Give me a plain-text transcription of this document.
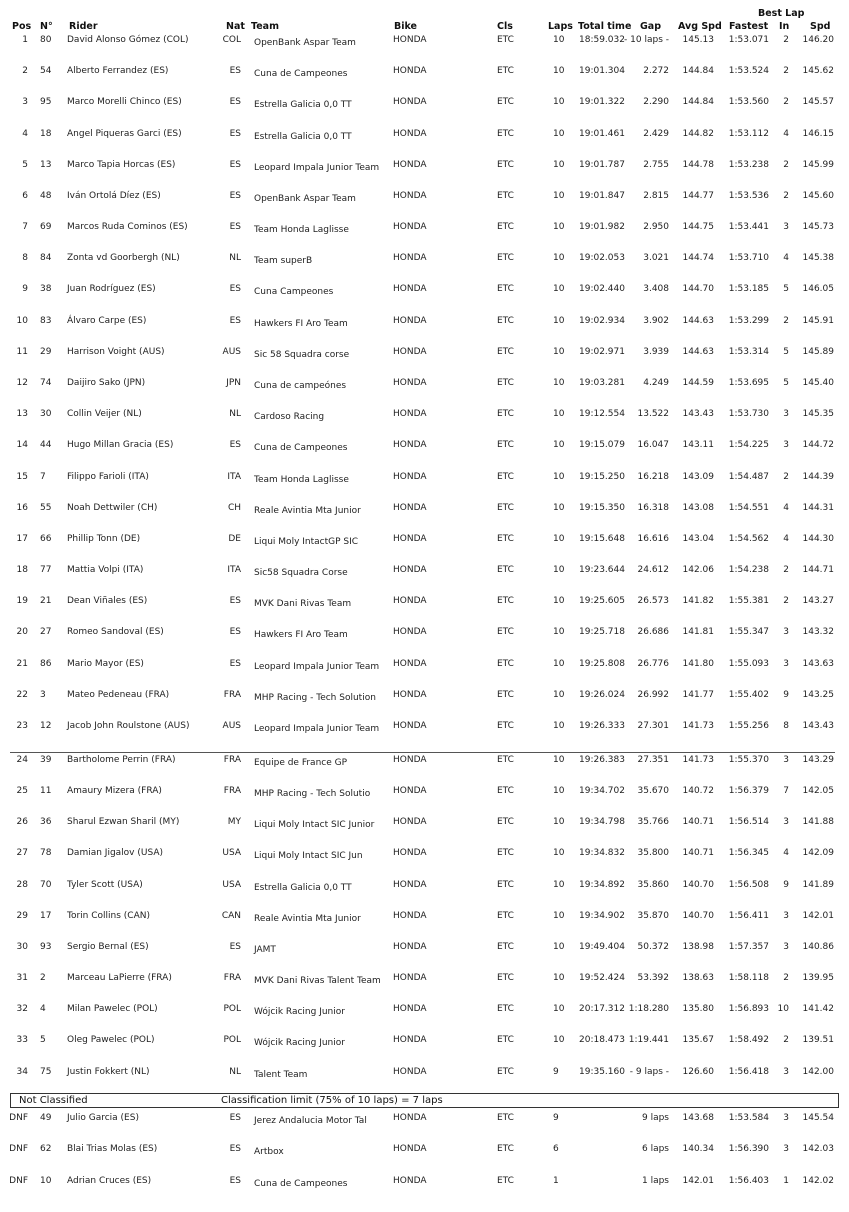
Best Lap
Pos N° Rider	Nat Team	Bike	Cls	Laps Total time Gap Avg Spd Fastest In Spd
1 80 David Alonso Gómez (COL)	COL OpenBank Aspar Team	HONDA	ETC	10 18:59.032 - 10 laps - 145.13 1:53.071 2 146.20
2 54 Alberto Ferrandez (ES)	ES Cuna de Campeones	HONDA	ETC	10 19:01.304 2.272 144.84 1:53.524 2 145.62
3 95 Marco Morelli Chinco (ES)	ES Estrella Galicia 0,0 TT	HONDA	ETC	10 19:01.322 2.290 144.84 1:53.560 2 145.57
4 18 Angel Piqueras Garci (ES)	ES Estrella Galicia 0,0 TT	HONDA	ETC	10 19:01.461 2.429 144.82 1:53.112 4 146.15
5 13 Marco Tapia Horcas (ES)	ES Leopard Impala Junior Team HONDA	ETC	10 19:01.787 2.755 144.78 1:53.238 2 145.99
6 48 Iván Ortolá Díez (ES)	ES OpenBank Aspar Team	HONDA	ETC	10 19:01.847 2.815 144.77 1:53.536 2 145.60
7 69 Marcos Ruda Cominos (ES)	ES Team Honda Laglisse	HONDA	ETC	10 19:01.982 2.950 144.75 1:53.441 3 145.73
8 84 Zonta vd Goorbergh (NL)	NL Team superB	HONDA	ETC	10 19:02.053 3.021 144.74 1:53.710 4 145.38
9 38 Juan Rodríguez (ES)	ES Cuna Campeones	HONDA	ETC	10 19:02.440 3.408 144.70 1:53.185 5 146.05
10 83 Álvaro Carpe (ES)	ES Hawkers FI Aro Team	HONDA	ETC	10 19:02.934 3.902 144.63 1:53.299 2 145.91
11 29 Harrison Voight (AUS)	AUS Sic 58 Squadra corse	HONDA	ETC	10 19:02.971 3.939 144.63 1:53.314 5 145.89
12 74 Daijiro Sako (JPN)	JPN Cuna de campeónes	HONDA	ETC	10 19:03.281 4.249 144.59 1:53.695 5 145.40
13 30 Collin Veijer (NL)	NL Cardoso Racing	HONDA	ETC	10 19:12.554 13.522 143.43 1:53.730 3 145.35
14 44 Hugo Millan Gracia (ES)	ES Cuna de Campeones	HONDA	ETC	10 19:15.079 16.047 143.11 1:54.225 3 144.72
15 7 Filippo Farioli (ITA)	ITA Team Honda Laglisse	HONDA	ETC	10 19:15.250 16.218 143.09 1:54.487 2 144.39
16 55 Noah Dettwiler (CH)	CH Reale Avintia Mta Junior	HONDA	ETC	10 19:15.350 16.318 143.08 1:54.551 4 144.31
17 66 Phillip Tonn (DE)	DE Liqui Moly IntactGP SIC	HONDA	ETC	10 19:15.648 16.616 143.04 1:54.562 4 144.30
18 77 Mattia Volpi (ITA)	ITA Sic58 Squadra Corse	HONDA	ETC	10 19:23.644 24.612 142.06 1:54.238 2 144.71
19 21 Dean Viñales (ES)	ES MVK Dani Rivas Team	HONDA	ETC	10 19:25.605 26.573 141.82 1:55.381 2 143.27
20 27 Romeo Sandoval (ES)	ES Hawkers FI Aro Team	HONDA	ETC	10 19:25.718 26.686 141.81 1:55.347 3 143.32
21 86 Mario Mayor (ES)	ES Leopard Impala Junior Team HONDA	ETC	10 19:25.808 26.776 141.80 1:55.093 3 143.63
22 3 Mateo Pedeneau (FRA)	FRA MHP Racing - Tech Solution HONDA	ETC	10 19:26.024 26.992 141.77 1:55.402 9 143.25
23 12 Jacob John Roulstone (AUS)	AUS Leopard Impala Junior Team HONDA	ETC	10 19:26.333 27.301 141.73 1:55.256 8 143.43
24 39 Bartholome Perrin (FRA)	FRA Equipe de France GP	HONDA	ETC	10 19:26.383 27.351 141.73 1:55.370 3 143.29
25 11 Amaury Mizera (FRA)	FRA MHP Racing - Tech Solutio	HONDA	ETC	10 19:34.702 35.670 140.72 1:56.379 7 142.05
26 36 Sharul Ezwan Sharil (MY)	MY Liqui Moly Intact SIC Junior HONDA	ETC	10 19:34.798 35.766 140.71 1:56.514 3 141.88
27 78 Damian Jigalov (USA)	USA Liqui Moly Intact SIC Jun	HONDA	ETC	10 19:34.832 35.800 140.71 1:56.345 4 142.09
28 70 Tyler Scott (USA)	USA Estrella Galicia 0,0 TT	HONDA	ETC	10 19:34.892 35.860 140.70 1:56.508 9 141.89
29 17 Torin Collins (CAN)	CAN Reale Avintia Mta Junior	HONDA	ETC	10 19:34.902 35.870 140.70 1:56.411 3 142.01
30 93 Sergio Bernal (ES)	ES JAMT	HONDA	ETC	10 19:49.404 50.372 138.98 1:57.357 3 140.86
31 2 Marceau LaPierre (FRA)	FRA MVK Dani Rivas Talent Team HONDA	ETC	10 19:52.424 53.392 138.63 1:58.118 2 139.95
32 4 Milan Pawelec (POL)	POL Wójcik Racing Junior	HONDA	ETC	10 20:17.312 1:18.280 135.80 1:56.893 10 141.42
33 5 Oleg Pawelec (POL)	POL Wójcik Racing Junior	HONDA	ETC	10 20:18.473 1:19.441 135.67 1:58.492 2 139.51
34 75 Justin Fokkert (NL)	NL Talent Team	HONDA	ETC	9 19:35.160 - 9 laps - 126.60 1:56.418 3 142.00
Not Classified	Classification limit (75% of 10 laps) = 7 laps
DNF 49 Julio Garcia (ES)	ES Jerez Andalucia Motor Tal	HONDA	ETC	9	9 laps 143.68 1:53.584 3 145.54
DNF 62 Blai Trias Molas (ES)	ES Artbox	HONDA	ETC	6	6 laps 140.34 1:56.390 3 142.03
DNF 10 Adrian Cruces (ES)	ES Cuna de Campeones	HONDA	ETC	1	1 laps 142.01 1:56.403 1 142.02
